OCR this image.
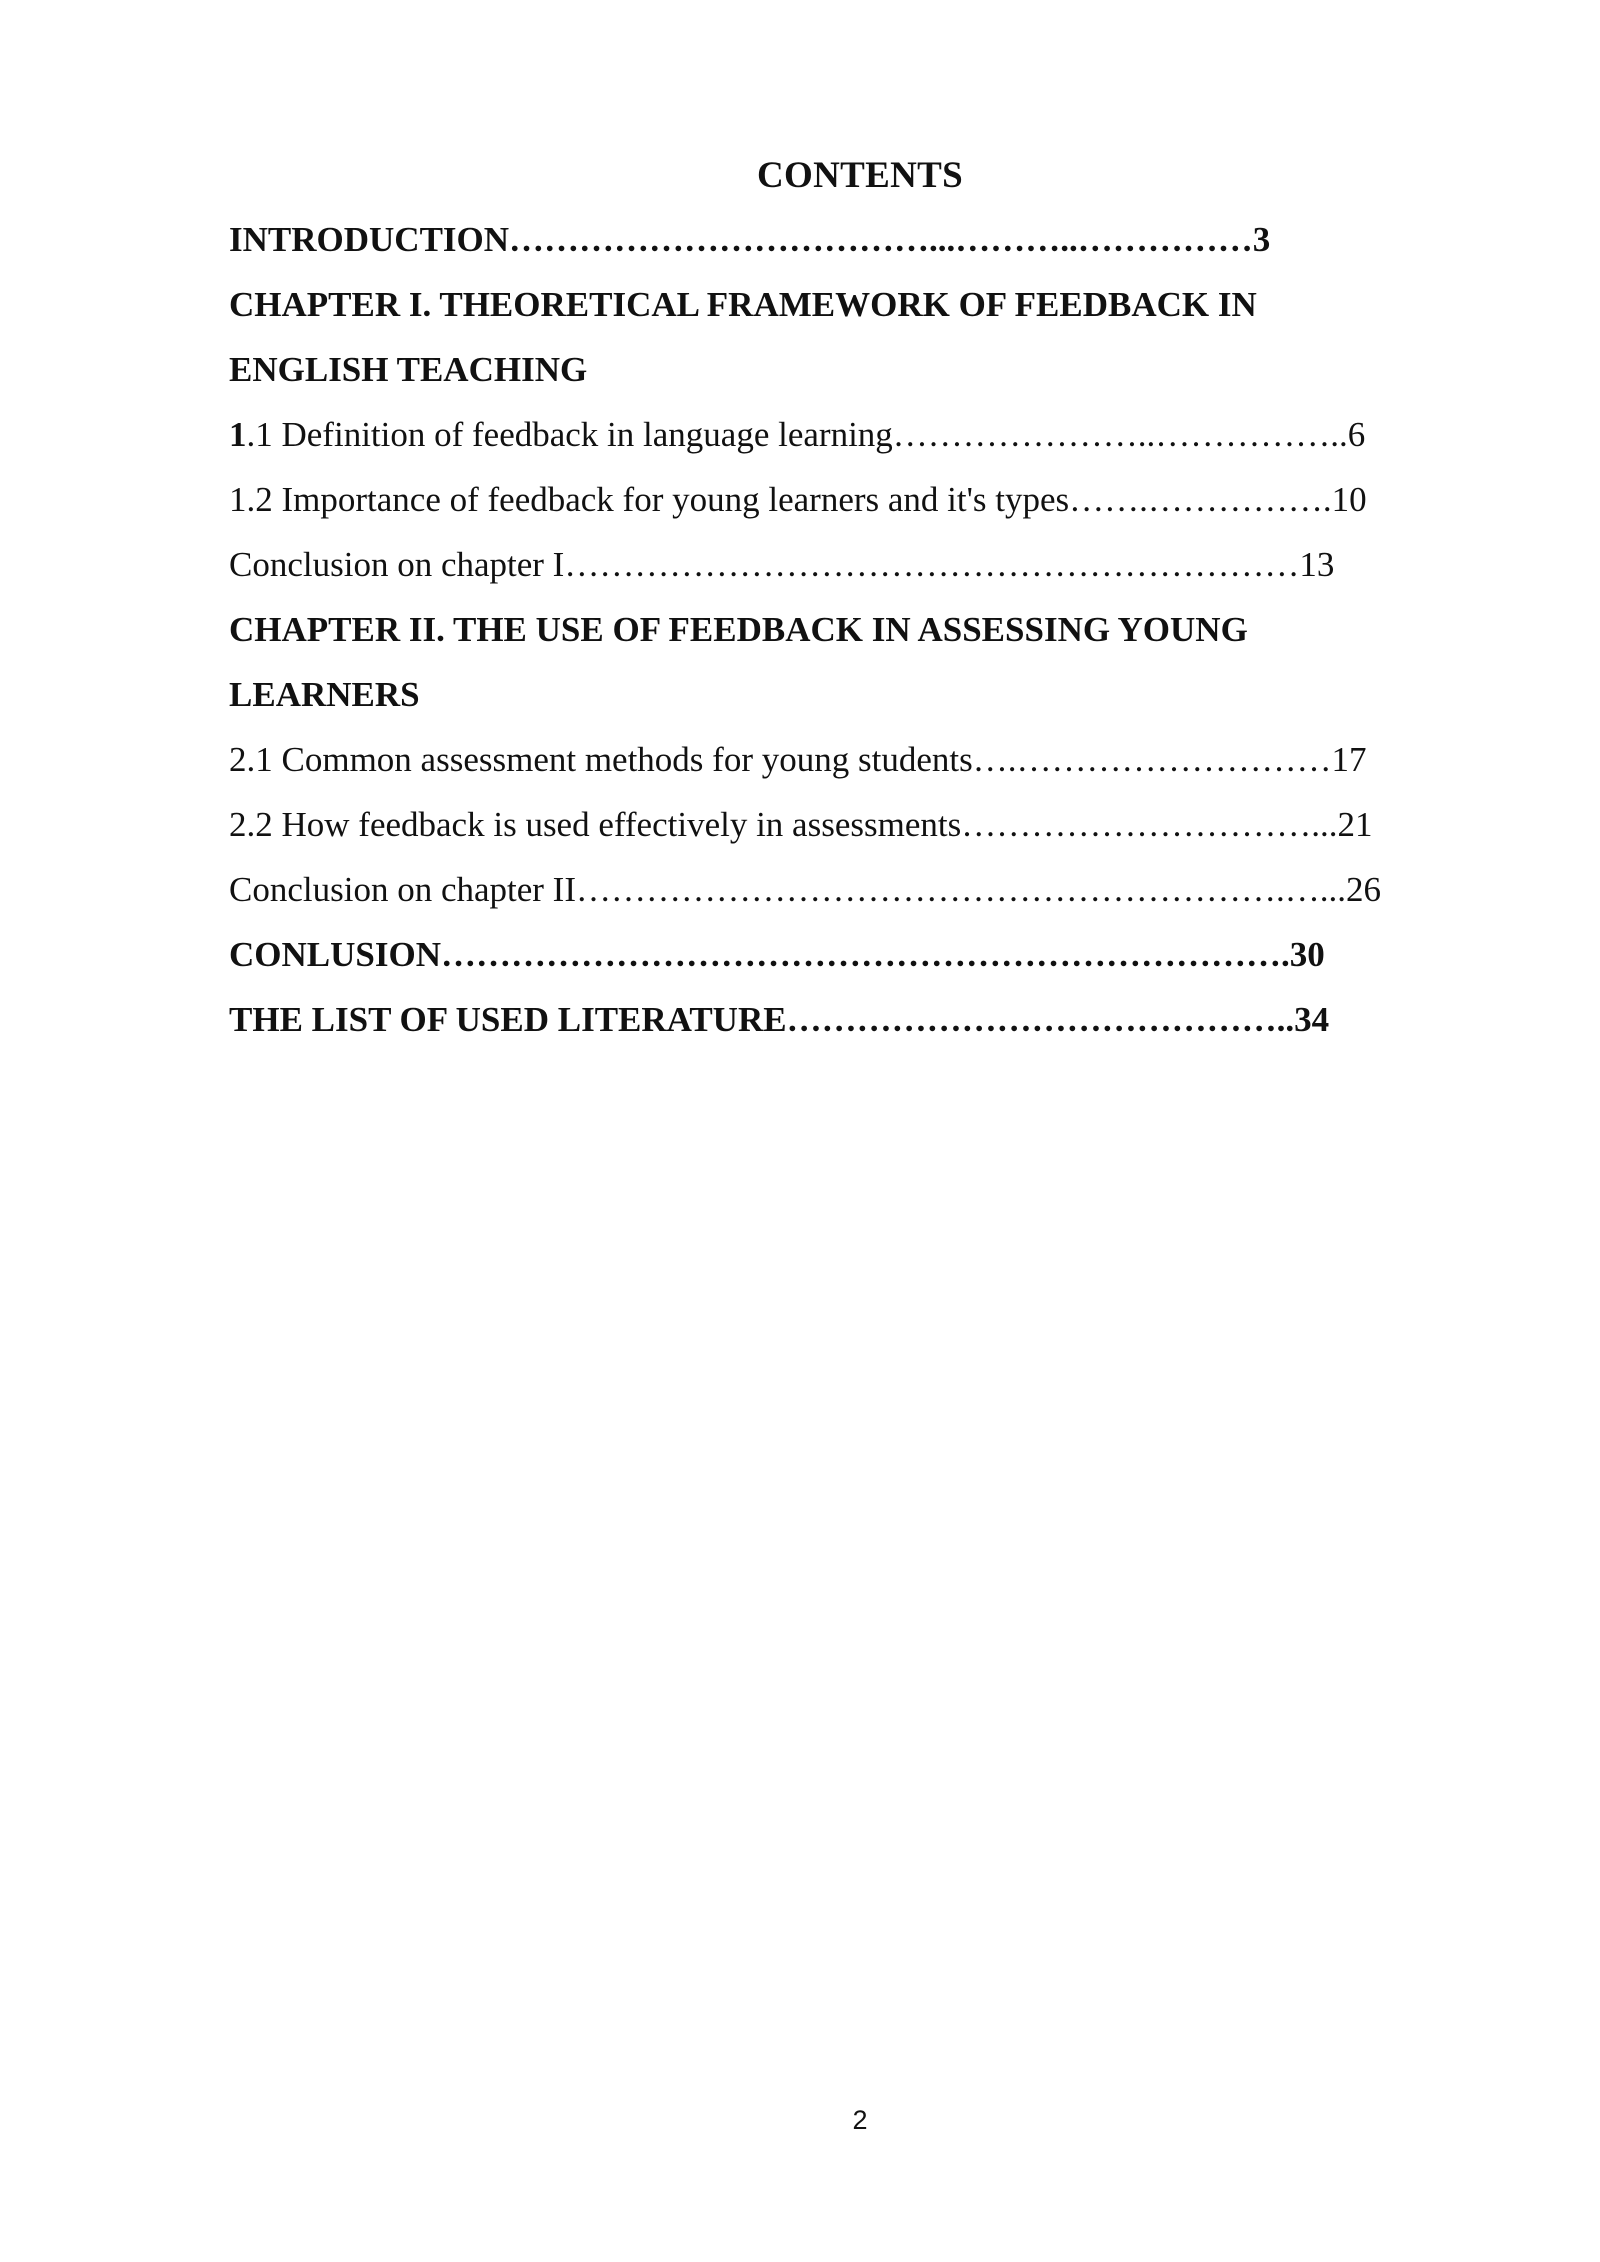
CONTENTS
INTRODUCTION………………………………...………..……………3
CHAPTER I. THEORETICAL FRAMEWORK OF FEEDBACK IN
ENGLISH TEACHING
1.1 Definition of feedback in language learning…………………..……………..6
1.2 Importance of feedback for young learners and it's types…….…………….10
Conclusion on chapter I………………………………………………………13
CHAPTER II. THE USE OF FEEDBACK IN ASSESSING YOUNG
LEARNERS
2.1 Common assessment methods for young students….………………………17
2.2 How feedback is used effectively in assessments…………………………...21
Conclusion on chapter II…………………………………………………….…...26
CONLUSION……………………………………………………………….30
THE LIST OF USED LITERATURE……………………………………..34
2
